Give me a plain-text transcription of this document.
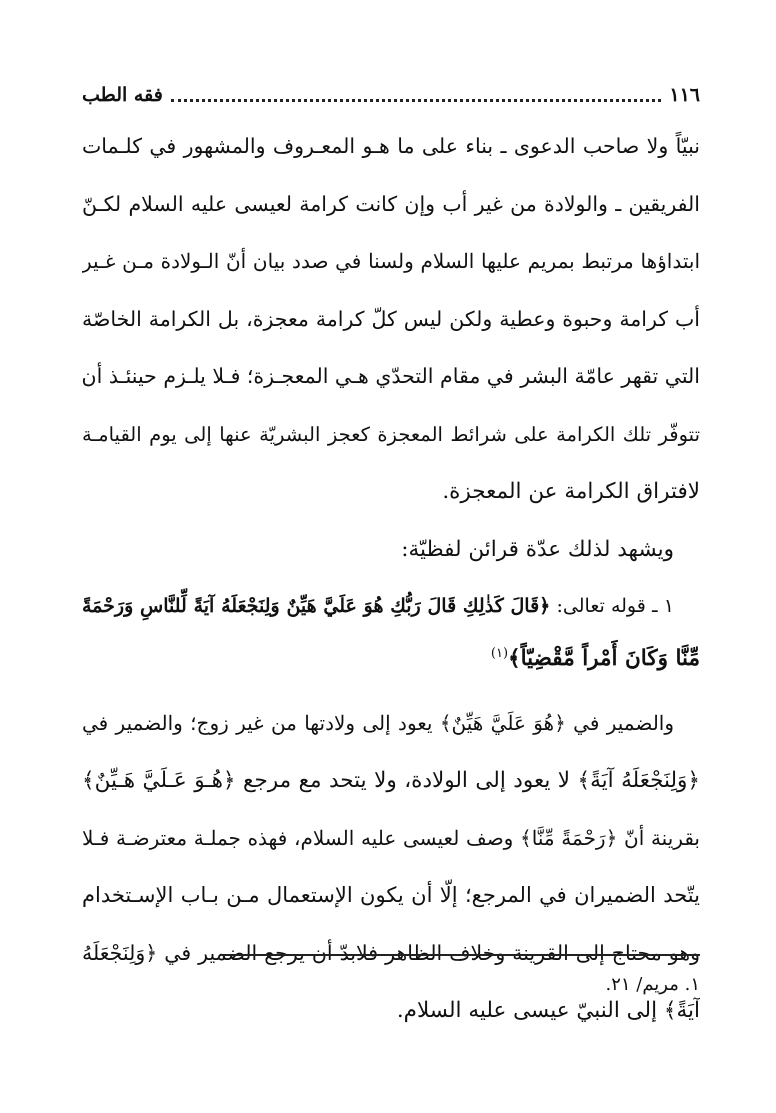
١١٦
فقه الطب
نبيّاً ولا صاحب الدعوى ـ بناء على ما هـو المعـروف والمشهور في كلـمات
الفريقين ـ والولادة من غير أب وإن كانت كرامة لعيسى عليه السلام لكـنّ
ابتداؤها مرتبط بمريم عليها السلام ولسنا في صدد بيان أنّ الـولادة مـن غـير
أب كرامة وحبوة وعطية ولكن ليس كلّ كرامة معجزة، بل الكرامة الخاصّة
التي تقهر عامّة البشر في مقام التحدّي هـي المعجـزة؛ فـلا يلـزم حينئـذ أن
تتوفّر تلك الكرامة على شرائط المعجزة كعجز البشريّة عنها إلى يوم القيامـة
لافتراق الكرامة عن المعجزة.
ويشهد لذلك عدّة قرائن لفظيّة:
١ ـ قوله تعالى: ﴿قَالَ كَذٰلِكِ قَالَ رَبُّكِ هُوَ عَلَيَّ هَيِّنٌ وَلِنَجْعَلَهُ آيَةً لِّلنَّاسِ وَرَحْمَةً
مِّنَّا وَكَانَ أَمْراً مَّقْضِيّاً﴾$^{(١)}$
والضمير في ﴿هُوَ عَلَيَّ هَيِّنٌ﴾ يعود إلى ولادتها من غير زوج؛ والضمير في
﴿وَلِنَجْعَلَهُ آيَةً﴾ لا يعود إلى الولادة، ولا يتحد مع مرجع ﴿هُـوَ عَـلَيَّ هَـيِّنٌ﴾
بقرينة أنّ ﴿رَحْمَةً مِّنَّا﴾ وصف لعيسى عليه السلام، فهذه جملـة معترضـة فـلا
يتّحد الضميران في المرجع؛ إلّا أن يكون الإستعمال مـن بـاب الإسـتخدام
وهو محتاج إلى القرينة وخلاف الظاهر فلابدّ أن يرجع الضمير في ﴿وَلِنَجْعَلَهُ
آيَةً﴾ إلى النبيّ عيسى عليه السلام.
١. مريم/ ٢١.
